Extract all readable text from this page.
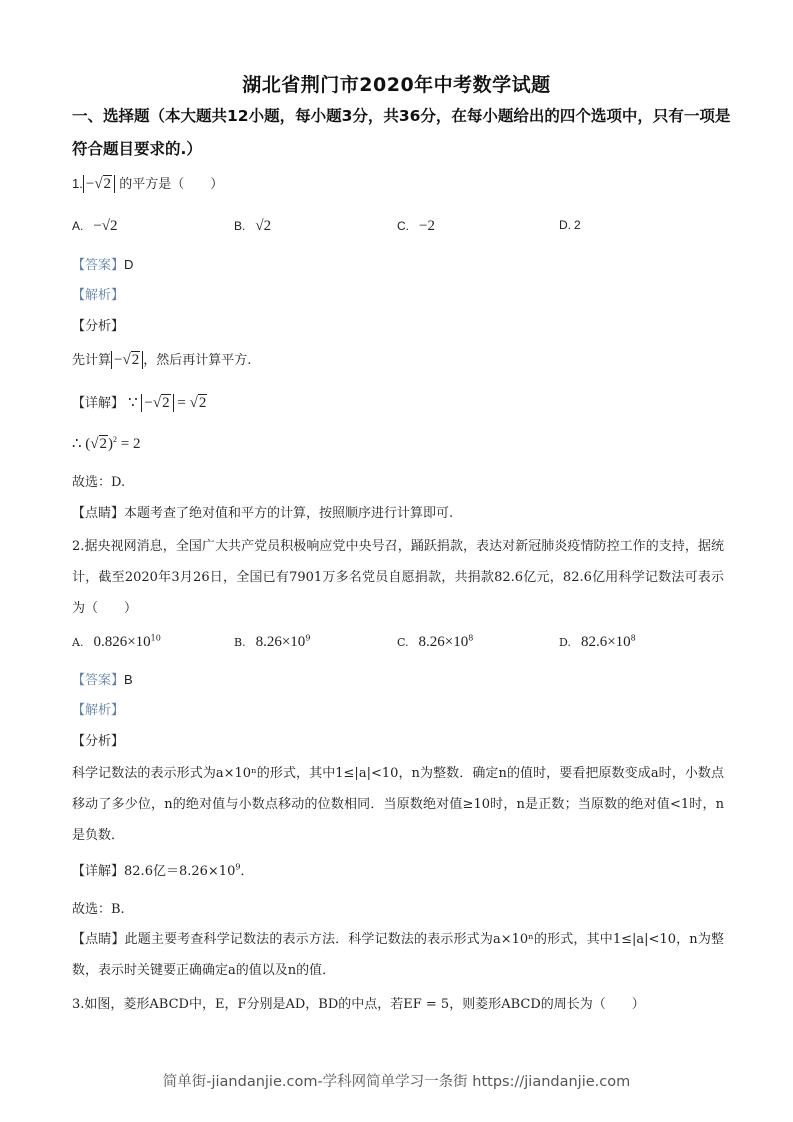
湖北省荆门市2020年中考数学试题
一、选择题（本大题共12小题，每小题3分，共36分，在每小题给出的四个选项中，只有一项是符合题目要求的.）
1. −√2 的平方是（　　）
A. −√2	B. √2	C. −2	D. 2
【答案】D
【解析】
【分析】
先计算 −√2 ，然后再计算平方.
【详解】 ∵ −√2 = √2
∴ $(√2)^2 = 2$
故选：D.
【点睛】本题考查了绝对值和平方的计算，按照顺序进行计算即可.
2.据央视网消息，全国广大共产党员积极响应党中央号召，踊跃捐款，表达对新冠肺炎疫情防控工作的支持，据统计，截至2020年3月26日，全国已有7901万多名党员自愿捐款，共捐款82.6亿元，82.6亿用科学记数法可表示为（　　）
A. $0.826\times 10^{10}$	B. $8.26\times 10^9$	C. $8.26\times 10^8$	D. $82.6\times 10^8$
【答案】B
【解析】
【分析】
科学记数法的表示形式为a×10ⁿ的形式，其中1≤|a|<10，n为整数．确定n的值时，要看把原数变成a时，小数点移动了多少位，n的绝对值与小数点移动的位数相同．当原数绝对值≥10时，n是正数；当原数的绝对值<1时，n是负数．
【详解】82.6亿$=8.26\times 10^9$．
故选：B.
【点睛】此题主要考查科学记数法的表示方法．科学记数法的表示形式为a×10ⁿ的形式，其中1≤|a|<10，n为整数，表示时关键要正确确定a的值以及n的值．
3.如图，菱形ABCD中，E，F分别是AD，BD的中点，若EF = 5，则菱形ABCD的周长为（　　）
简单街-jiandanjie.com-学科网简单学习一条街 https://jiandanjie.com
